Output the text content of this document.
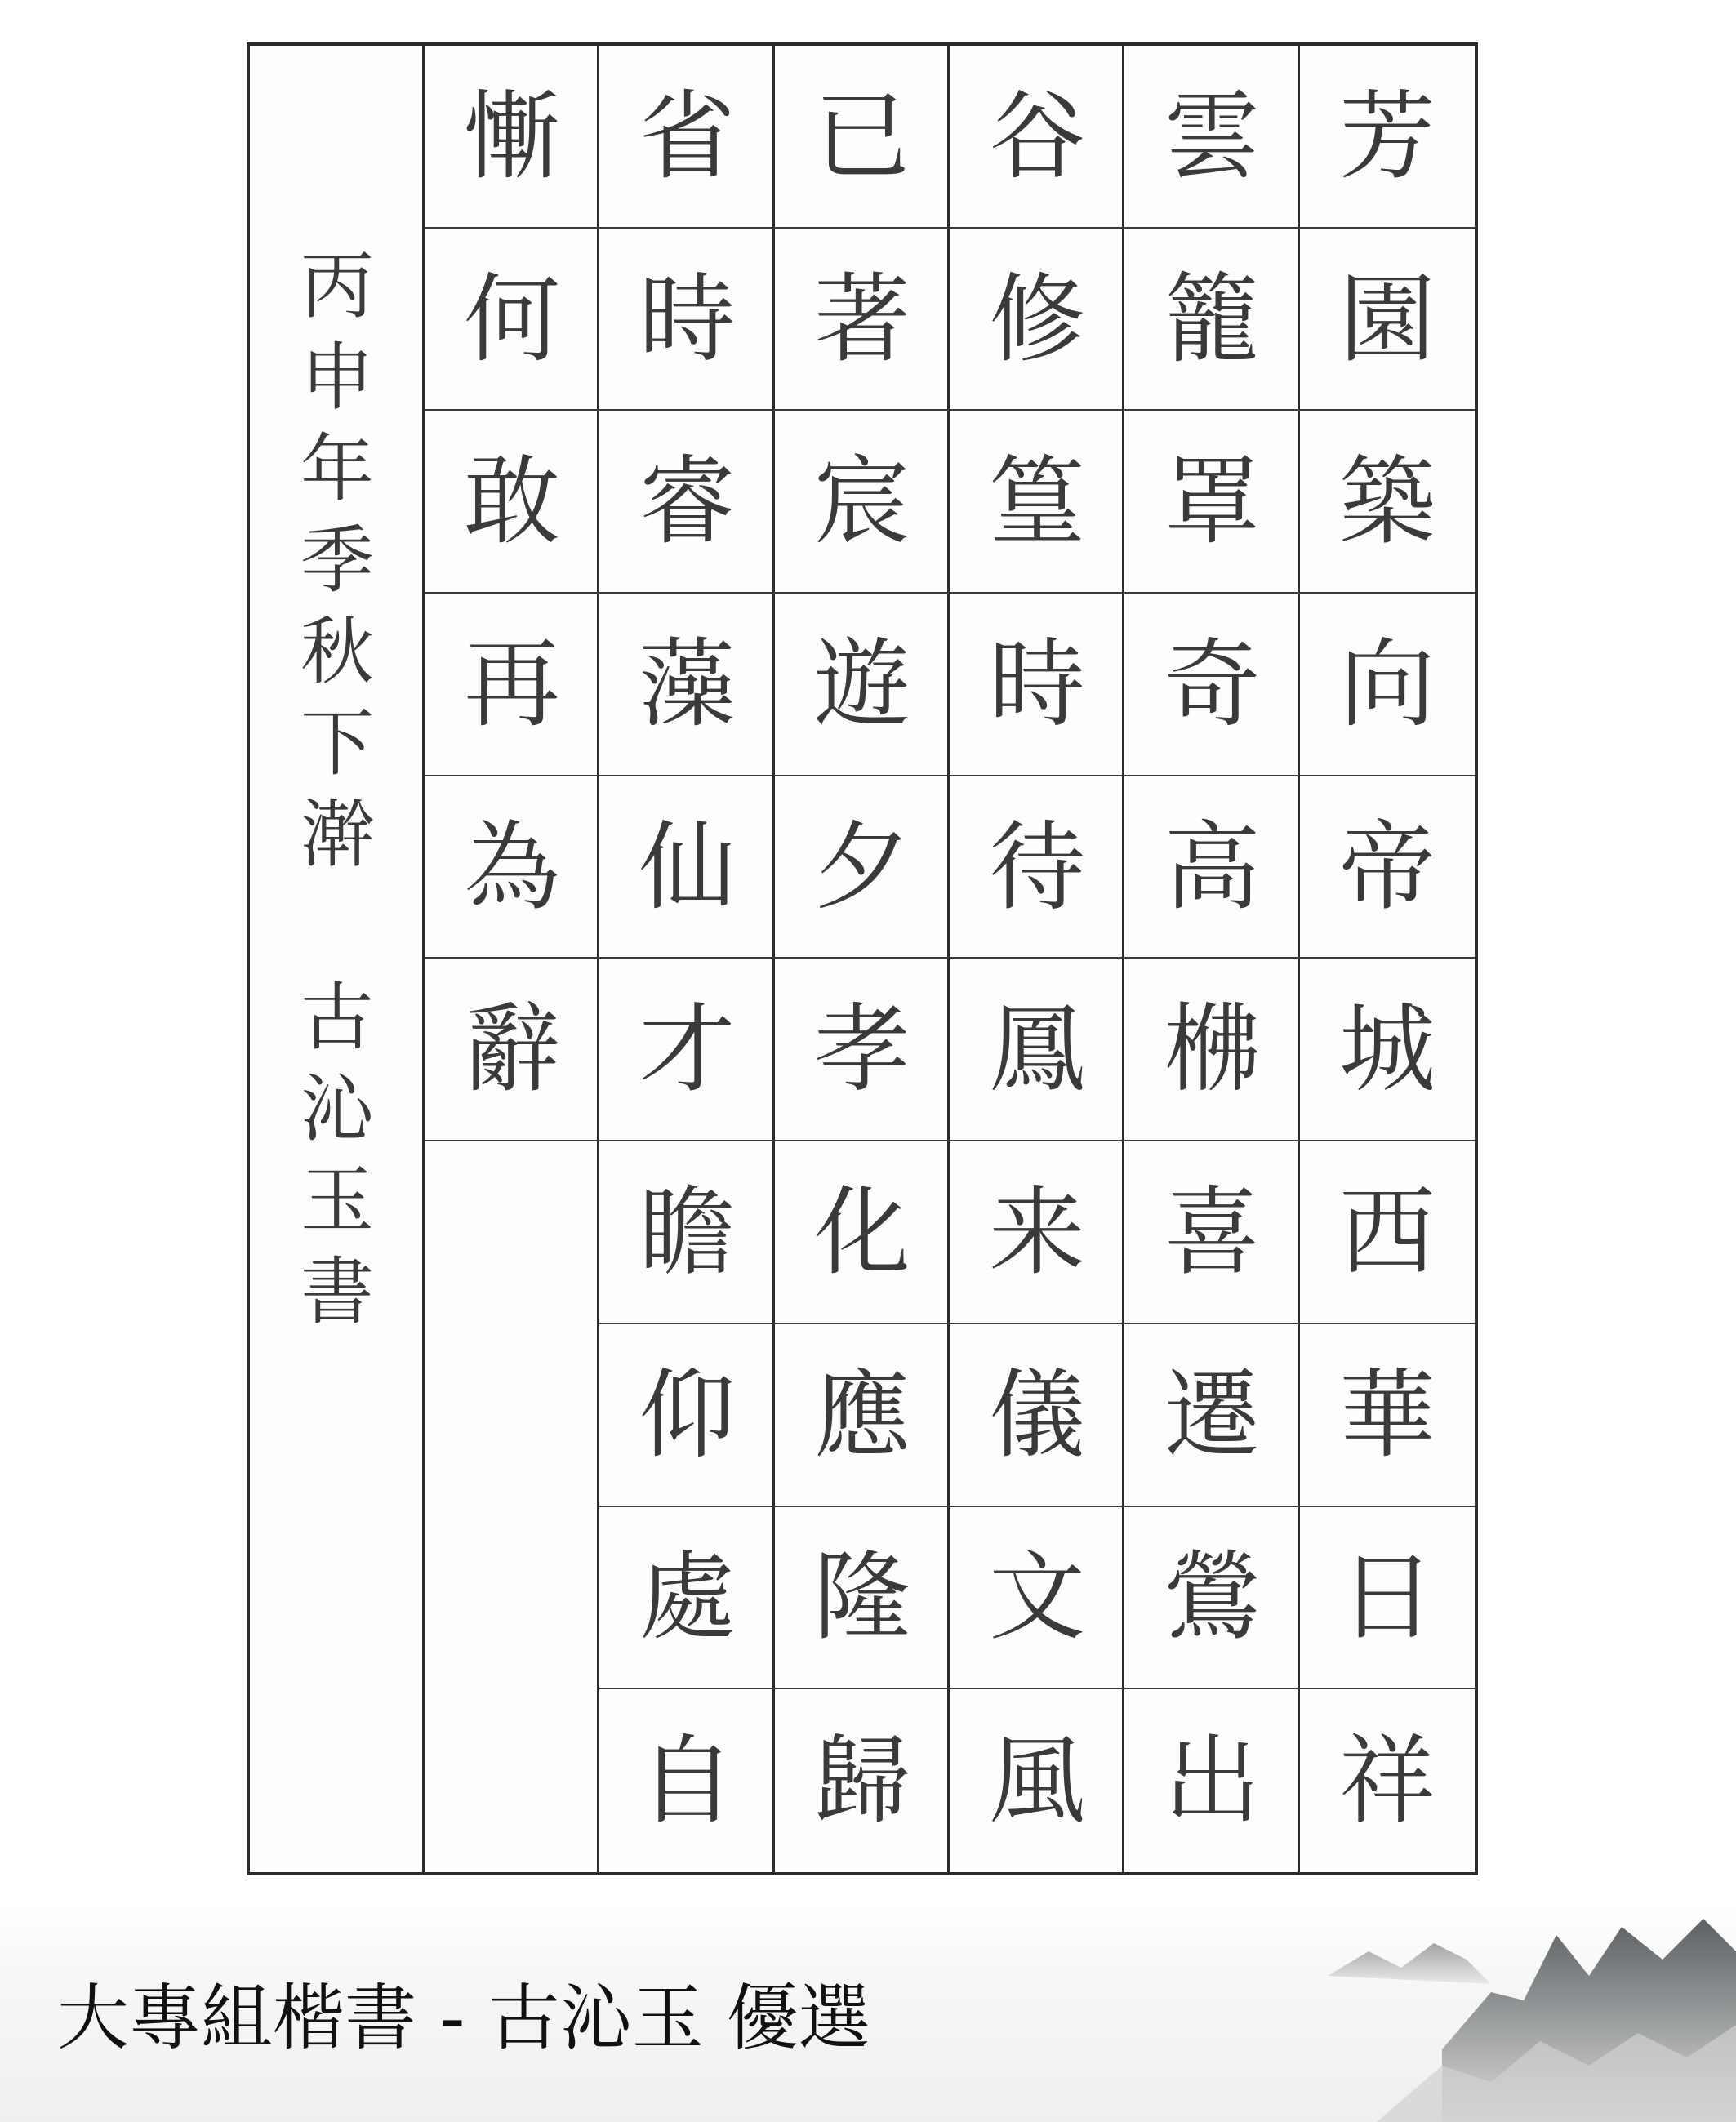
丙
申
年
季
秋
下
澣
古
沁
玉
書
芳
園
築
向
帝
城
西
華
日
祥
雲
籠
罩
奇
高
梻
喜
遷
鶯
出
谷
修
篁
時
待
鳳
来
儀
文
風
已
著
宸
遊
夕
孝
化
應
隆
歸
省
時
睿
藻
仙
才
瞻
仰
處
自
慚
何
敢
再
為
辭
大專組楷書 - 古沁玉 優選
